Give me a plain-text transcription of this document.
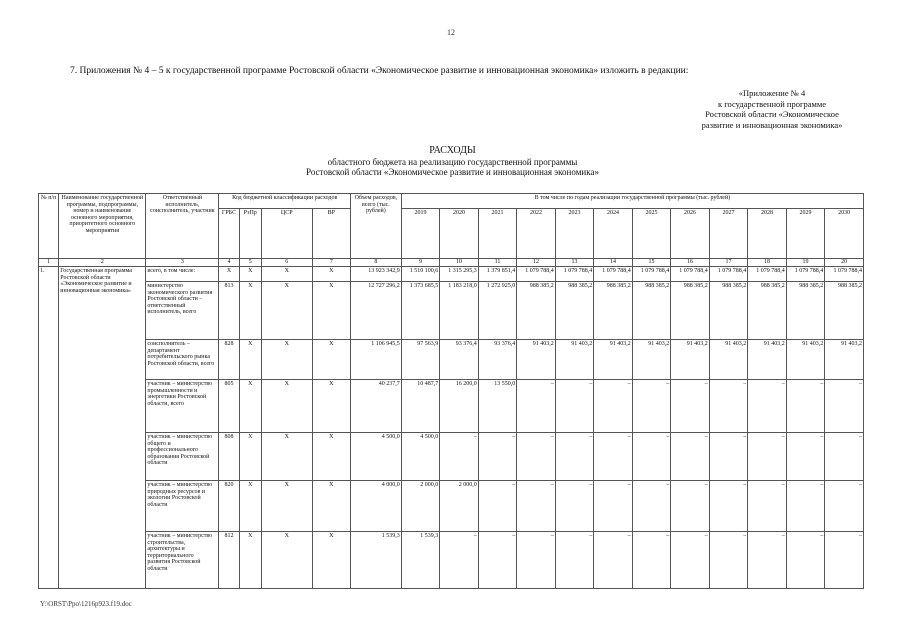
12
7. Приложения № 4 – 5 к государственной программе Ростовской области «Экономическое развитие и инновационная экономика» изложить в редакции:
«Приложение № 4
к государственной программе
Ростовской области «Экономическое
развитие и инновационная экономика»
РАСХОДЫ
областного бюджета на реализацию государственной программы
Ростовской области «Экономическое развитие и инновационная экономика»
№ п/п	Наименование государственной программы, подпрограммы, номер и наименование основного мероприятия, приоритетного основного мероприятия	Ответственный исполнитель, соисполнитель, участник	Код бюджетной классификации расходов				Объем расходов, всего (тыс. рублей)	В том числе по годам реализации государственной программы (тыс. рублей)											
			ГРБС	РзПр	ЦСР	ВР		2019	2020	2021	2022	2023	2024	2025	2026	2027	2028	2029	2030
1	2	3	4	5	6	7	8	9	10	11	12	13	14	15	16	17	18	19	20
1.	Государственная программа Ростовской области «Экономическое развитие и инновационная экономика»	всего, в том числе:	X	X	X	X	13 923 342,9	1 510 100,6	1 315 295,3	1 379 851,4	1 079 788,4	1 079 788,4	1 079 788,4	1 079 788,4	1 079 788,4	1 079 788,4	1 079 788,4	1 079 788,4	1 079 788,4
		министерство экономического развития Ростовской области – ответственный исполнитель, всего	813	X	X	X	12 727 296,2	1 373 685,5	1 183 218,0	1 272 925,0	988 385,2	988 385,2	988 385,2	988 385,2	988 385,2	988 385,2	988 385,2	988 385,2	988 385,2
		соисполнитель – департамент потребительского рынка Ростовской области, всего	828	X	X	X	1 106 945,5	97 563,9	93 376,4	93 376,4	91 403,2	91 403,2	91 403,2	91 403,2	91 403,2	91 403,2	91 403,2	91 403,2	91 403,2
		участник – министерство промышленности и энергетики Ростовской области, всего	805	X	X	X	40 237,7	10 487,7	16 200,0	13 550,0	–	–	–	–	–	–	–	–	–
		участник – министерство общего и профессионального образования Ростовской области	808	X	X	X	4 500,0	4 500,0	–	–	–	–	–	–	–	–	–	–	–
		участник – министерство природных ресурсов и экологии Ростовской области	820	X	X	X	4 000,0	2 000,0	2 000,0	–	–	–	–	–	–	–	–	–	–
		участник – министерство строительства, архитектуры и территориального развития Ростовской области	812	X	X	X	1 539,3	1 539,3	–	–	–	–	–	–	–	–	–	–	–
Y:\ORST\Ppo\1216p923.f19.doc
